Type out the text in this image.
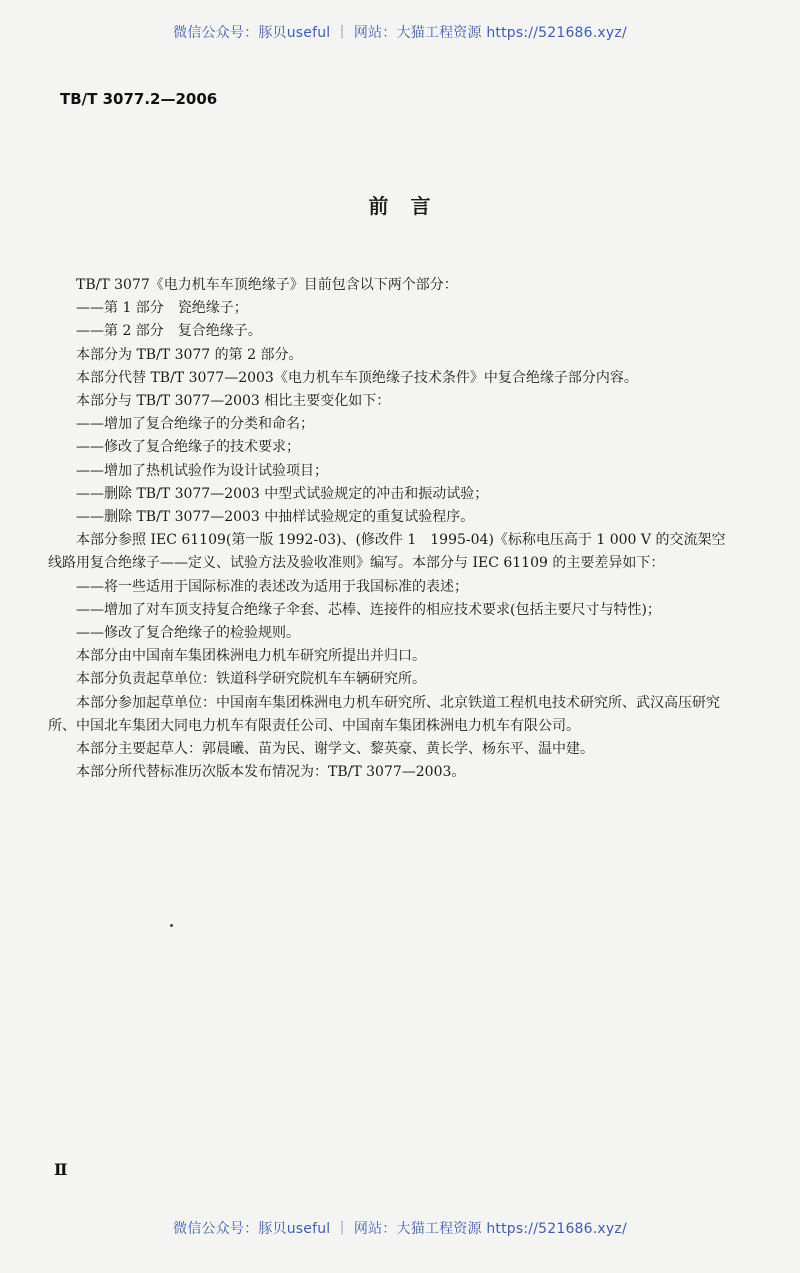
微信公众号：豚贝useful ｜ 网站：大猫工程资源 https://521686.xyz/
TB/T 3077.2—2006
前　言

TB/T 3077《电力机车车顶绝缘子》目前包含以下两个部分：

——第 1 部分　瓷绝缘子；

——第 2 部分　复合绝缘子。

本部分为 TB/T 3077 的第 2 部分。

本部分代替 TB/T 3077—2003《电力机车车顶绝缘子技术条件》中复合绝缘子部分内容。

本部分与 TB/T 3077—2003 相比主要变化如下：

——增加了复合绝缘子的分类和命名；

——修改了复合绝缘子的技术要求；

——增加了热机试验作为设计试验项目；

——删除 TB/T 3077—2003 中型式试验规定的冲击和振动试验；

——删除 TB/T 3077—2003 中抽样试验规定的重复试验程序。

本部分参照 IEC 61109(第一版 1992-03)、(修改件 1　1995-04)《标称电压高于 1 000 V 的交流架空线路用复合绝缘子——定义、试验方法及验收准则》编写。本部分与 IEC 61109 的主要差异如下：

——将一些适用于国际标准的表述改为适用于我国标准的表述；

——增加了对车顶支持复合绝缘子伞套、芯棒、连接件的相应技术要求(包括主要尺寸与特性)；

——修改了复合绝缘子的检验规则。

本部分由中国南车集团株洲电力机车研究所提出并归口。

本部分负责起草单位：铁道科学研究院机车车辆研究所。

本部分参加起草单位：中国南车集团株洲电力机车研究所、北京铁道工程机电技术研究所、武汉高压研究所、中国北车集团大同电力机车有限责任公司、中国南车集团株洲电力机车有限公司。

本部分主要起草人：郭晨曦、苗为民、谢学文、黎英豪、黄长学、杨东平、温中建。

本部分所代替标准历次版本发布情况为：TB/T 3077—2003。

Ⅱ
微信公众号：豚贝useful ｜ 网站：大猫工程资源 https://521686.xyz/
